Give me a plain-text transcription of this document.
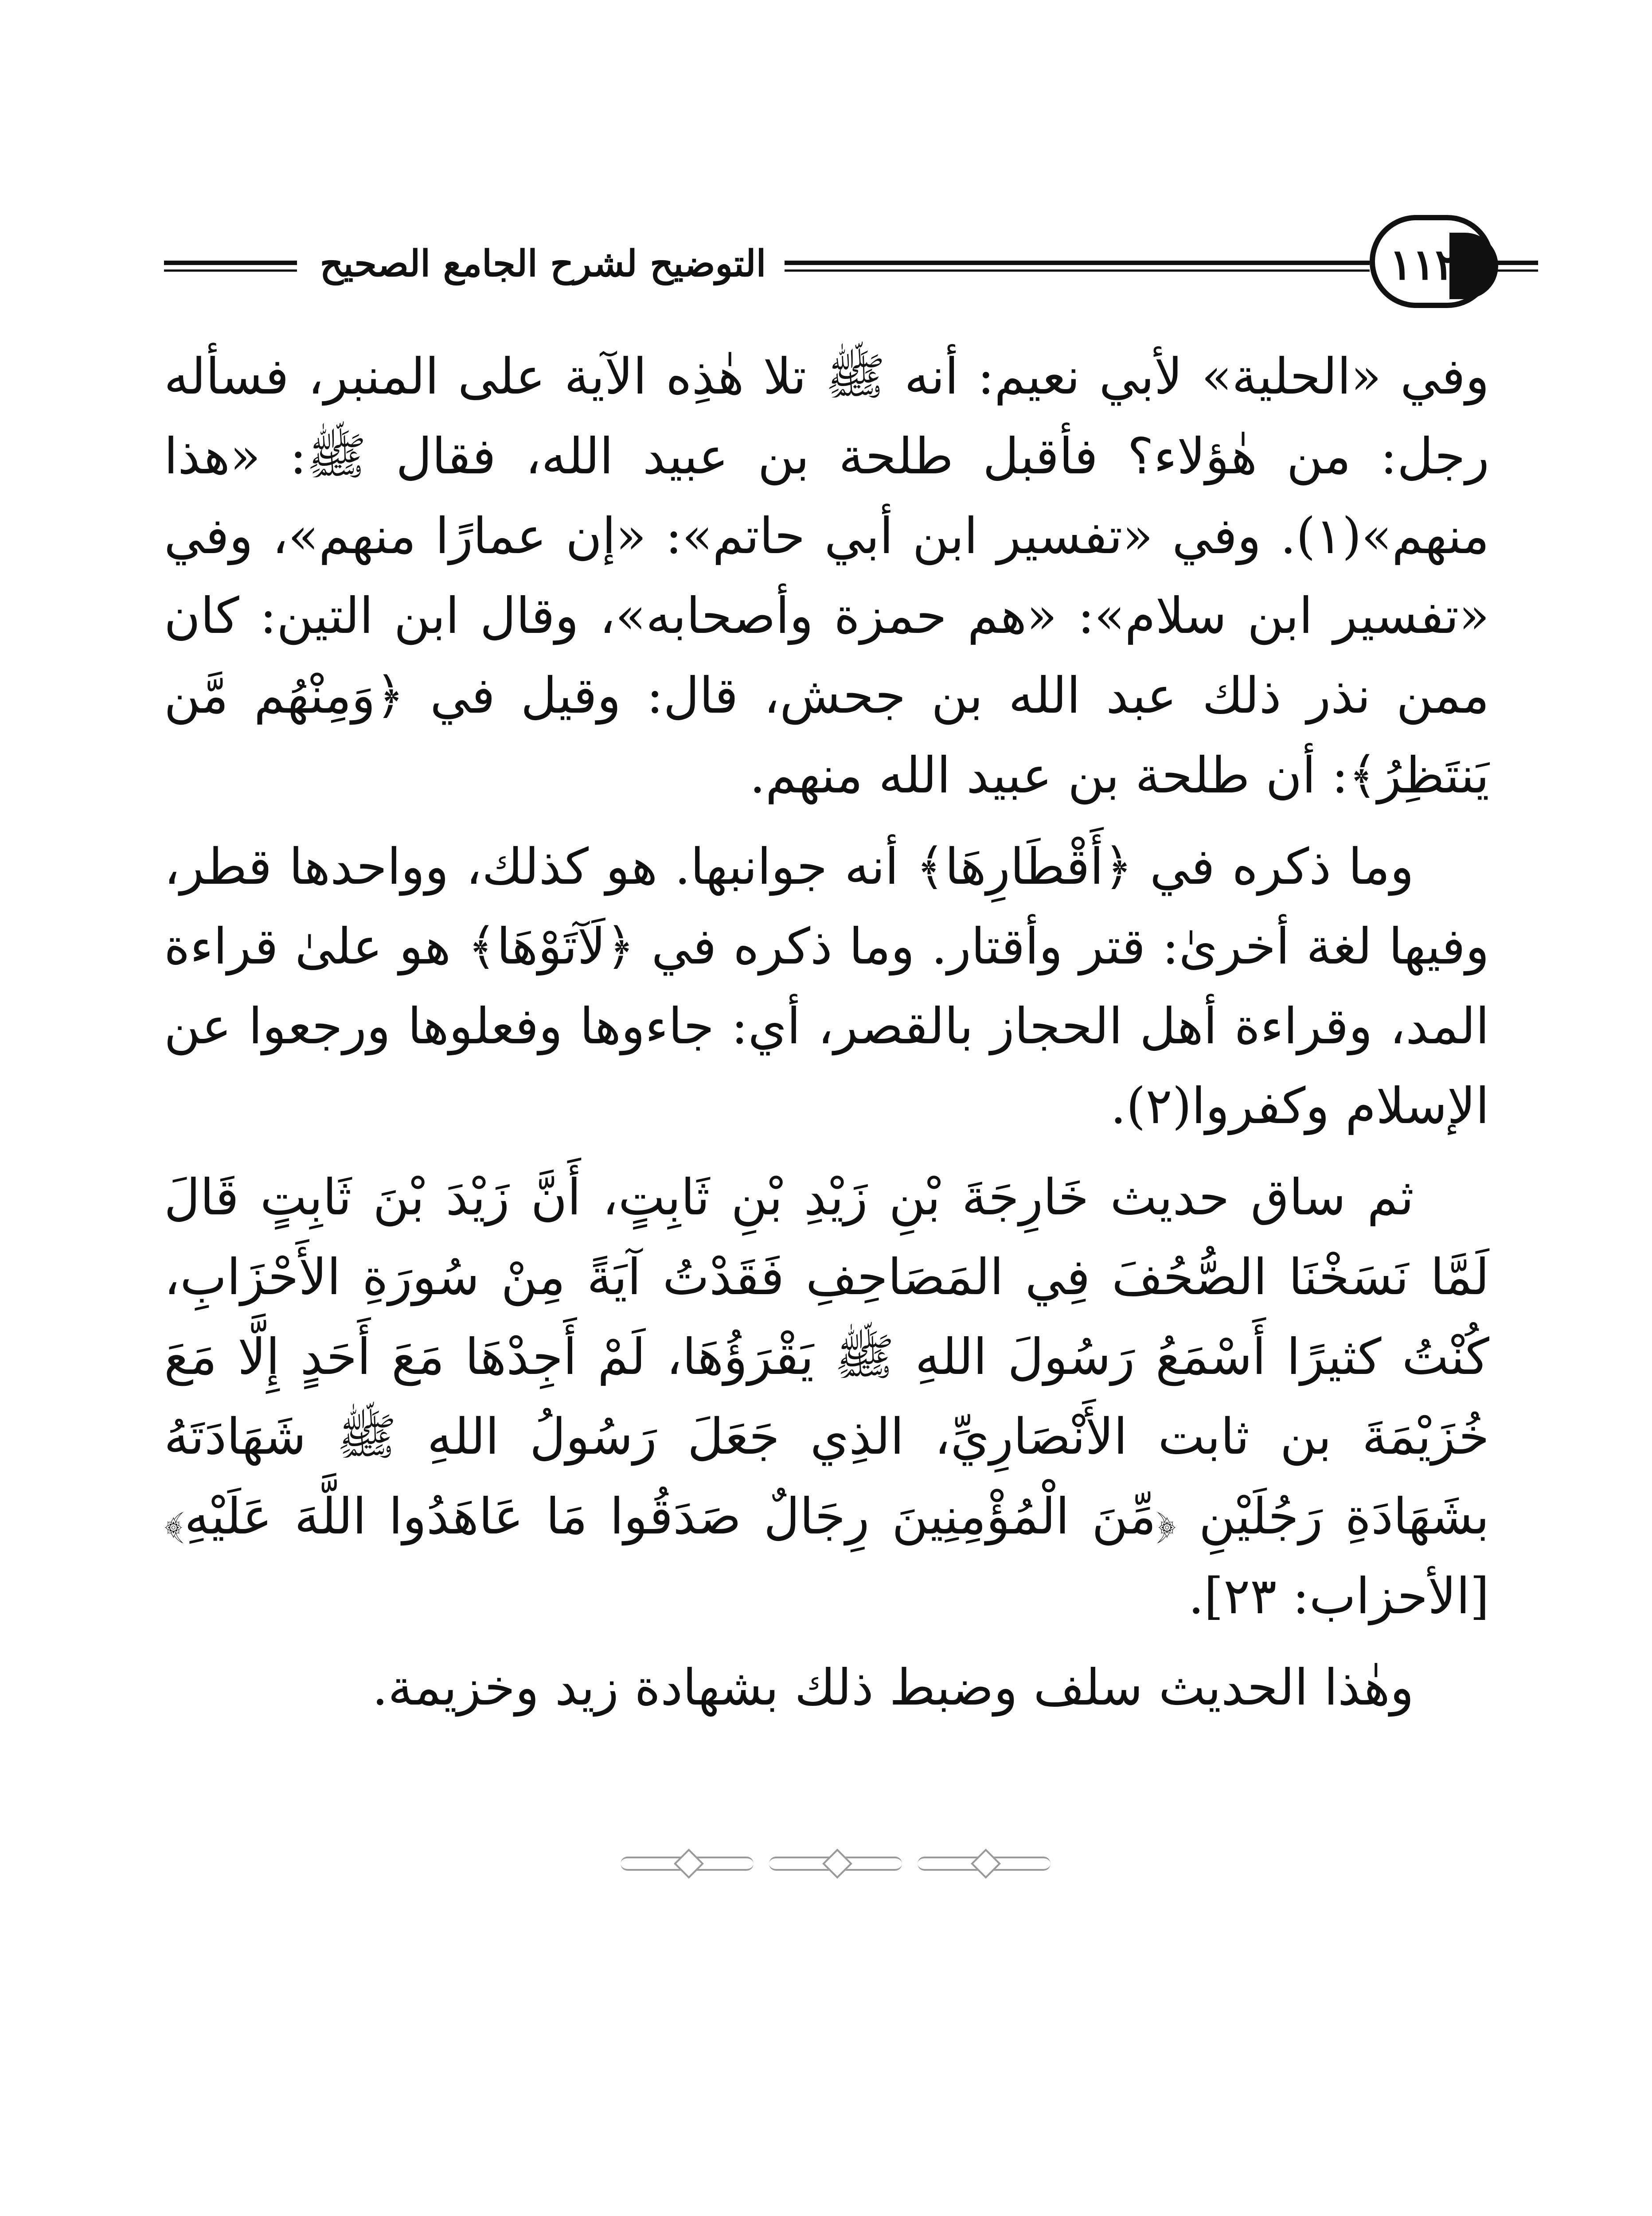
التوضيح لشرح الجامع الصحيح	١١٢

وفي «الحلية» لأبي نعيم: أنه ﷺ تلا هٰذِه الآية على المنبر، فسأله رجل: من هٰؤلاء؟ فأقبل طلحة بن عبيد الله، فقال ﷺ: «هذا منهم»(١). وفي «تفسير ابن أبي حاتم»: «إن عمارًا منهم»، وفي «تفسير ابن سلام»: «هم حمزة وأصحابه»، وقال ابن التين: كان ممن نذر ذلك عبد الله بن جحش، قال: وقيل في ﴿وَمِنْهُم مَّن يَنتَظِرُ﴾: أن طلحة بن عبيد الله منهم.

وما ذكره في ﴿أَقْطَارِهَا﴾ أنه جوانبها. هو كذلك، وواحدها قطر، وفيها لغة أخرىٰ: قتر وأقتار. وما ذكره في ﴿لَآتَوْهَا﴾ هو علىٰ قراءة المد، وقراءة أهل الحجاز بالقصر، أي: جاءوها وفعلوها ورجعوا عن الإسلام وكفروا(٢).

ثم ساق حديث خَارِجَةَ بْنِ زَيْدِ بْنِ ثَابِتٍ، أَنَّ زَيْدَ بْنَ ثَابِتٍ قَالَ لَمَّا نَسَخْنَا الصُّحُفَ فِي المَصَاحِفِ فَقَدْتُ آيَةً مِنْ سُورَةِ الأَحْزَابِ، كُنْتُ كثيرًا أَسْمَعُ رَسُولَ اللهِ ﷺ يَقْرَؤُهَا، لَمْ أَجِدْهَا مَعَ أَحَدٍ إِلَّا مَعَ خُزَيْمَةَ بن ثابت الأَنْصَارِيِّ، الذِي جَعَلَ رَسُولُ اللهِ ﷺ شَهَادَتَهُ بشَهَادَةِ رَجُلَيْنِ ﴿مِّنَ الْمُؤْمِنِينَ رِجَالٌ صَدَقُوا مَا عَاهَدُوا اللَّهَ عَلَيْهِ﴾ [الأحزاب: ٢٣].

وهٰذا الحديث سلف وضبط ذلك بشهادة زيد وخزيمة.
